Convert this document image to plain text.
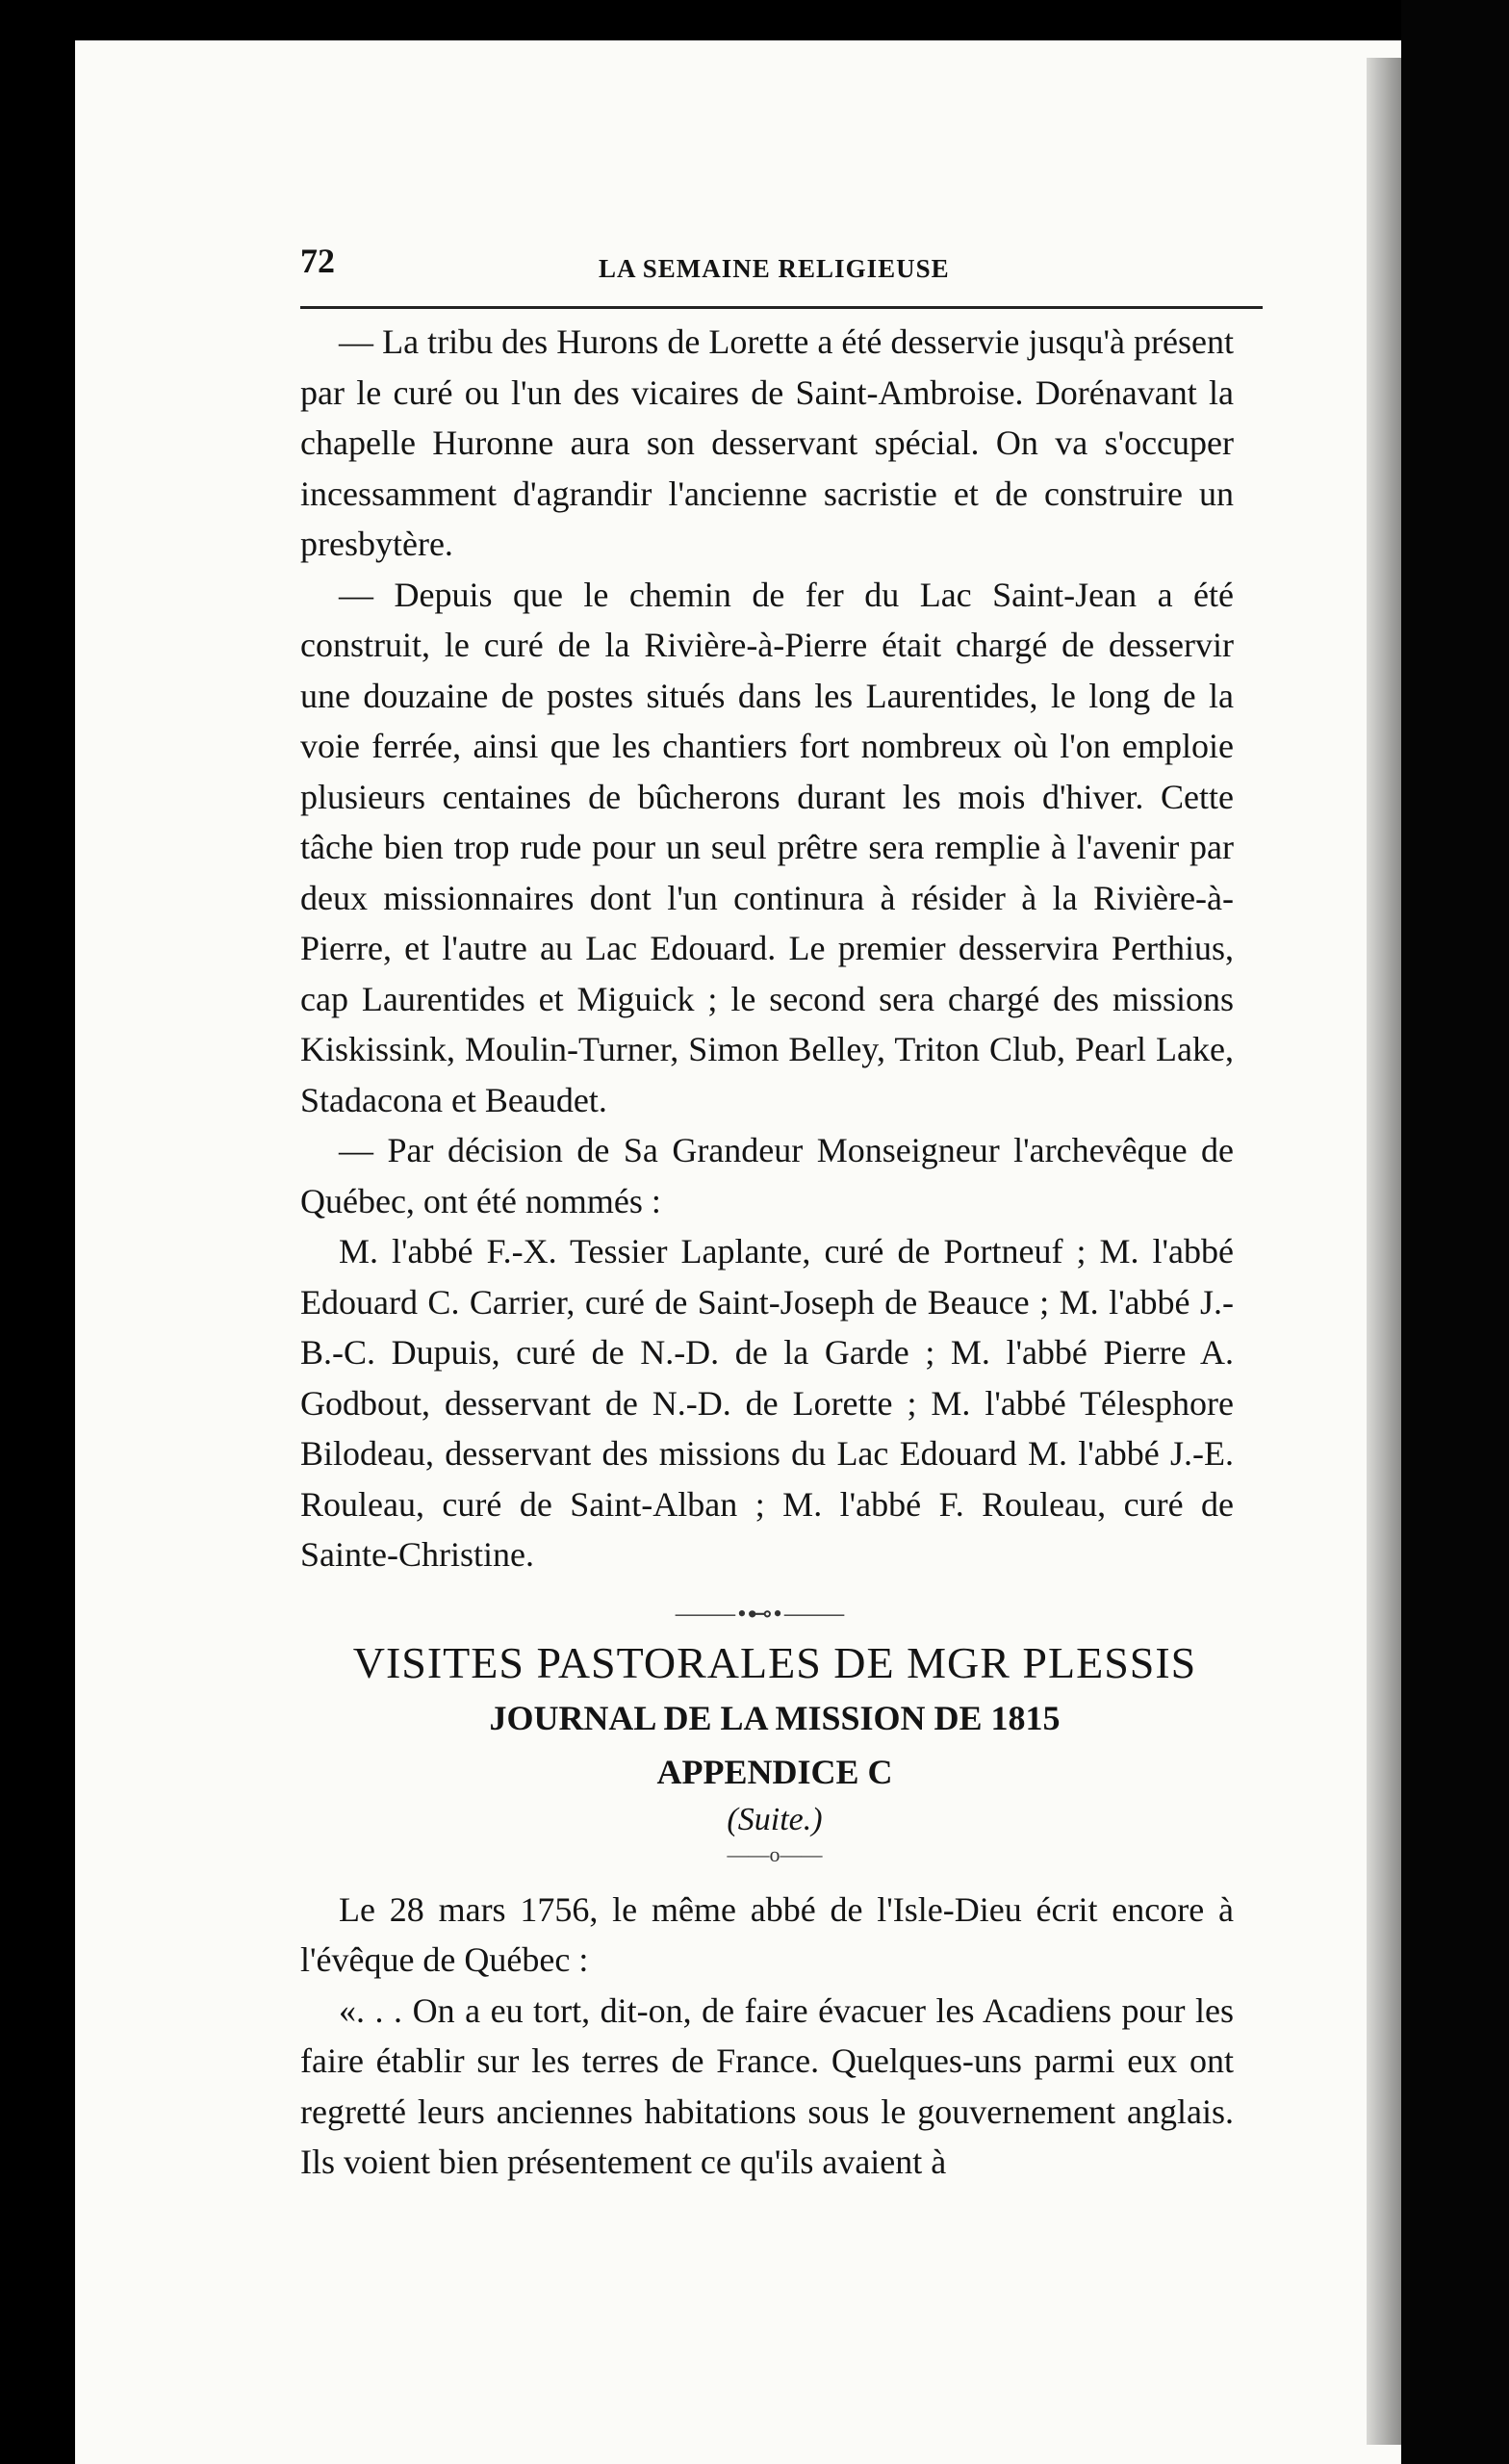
72	LA SEMAINE RELIGIEUSE

— La tribu des Hurons de Lorette a été desservie jusqu'à présent par le curé ou l'un des vicaires de Saint-Ambroise. Dorénavant la chapelle Huronne aura son desservant spécial. On va s'occuper incessamment d'agrandir l'ancienne sacristie et de construire un presbytère.

— Depuis que le chemin de fer du Lac Saint-Jean a été construit, le curé de la Rivière-à-Pierre était chargé de desservir une douzaine de postes situés dans les Laurentides, le long de la voie ferrée, ainsi que les chantiers fort nombreux où l'on emploie plusieurs centaines de bûcherons durant les mois d'hiver. Cette tâche bien trop rude pour un seul prêtre sera remplie à l'avenir par deux missionnaires dont l'un continura à résider à la Rivière-à-Pierre, et l'autre au Lac Edouard. Le premier desservira Perthius, cap Laurentides et Miguick ; le second sera chargé des missions Kiskissink, Moulin-Turner, Simon Belley, Triton Club, Pearl Lake, Stadacona et Beaudet.

— Par décision de Sa Grandeur Monseigneur l'archevêque de Québec, ont été nommés :

M. l'abbé F.-X. Tessier Laplante, curé de Portneuf ; M. l'abbé Edouard C. Carrier, curé de Saint-Joseph de Beauce ; M. l'abbé J.-B.-C. Dupuis, curé de N.-D. de la Garde ; M. l'abbé Pierre A. Godbout, desservant de N.-D. de Lorette ; M. l'abbé Télesphore Bilodeau, desservant des missions du Lac Edouard M. l'abbé J.-E. Rouleau, curé de Saint-Alban ; M. l'abbé F. Rouleau, curé de Sainte-Christine.

⸻•⊷•⸻
VISITES PASTORALES DE MGR PLESSIS
JOURNAL DE LA MISSION DE 1815
APPENDICE C
(Suite.)
——o——

Le 28 mars 1756, le même abbé de l'Isle-Dieu écrit encore à l'évêque de Québec :

«. . . On a eu tort, dit-on, de faire évacuer les Acadiens pour les faire établir sur les terres de France. Quelques-uns parmi eux ont regretté leurs anciennes habitations sous le gouvernement anglais. Ils voient bien présentement ce qu'ils avaient à
